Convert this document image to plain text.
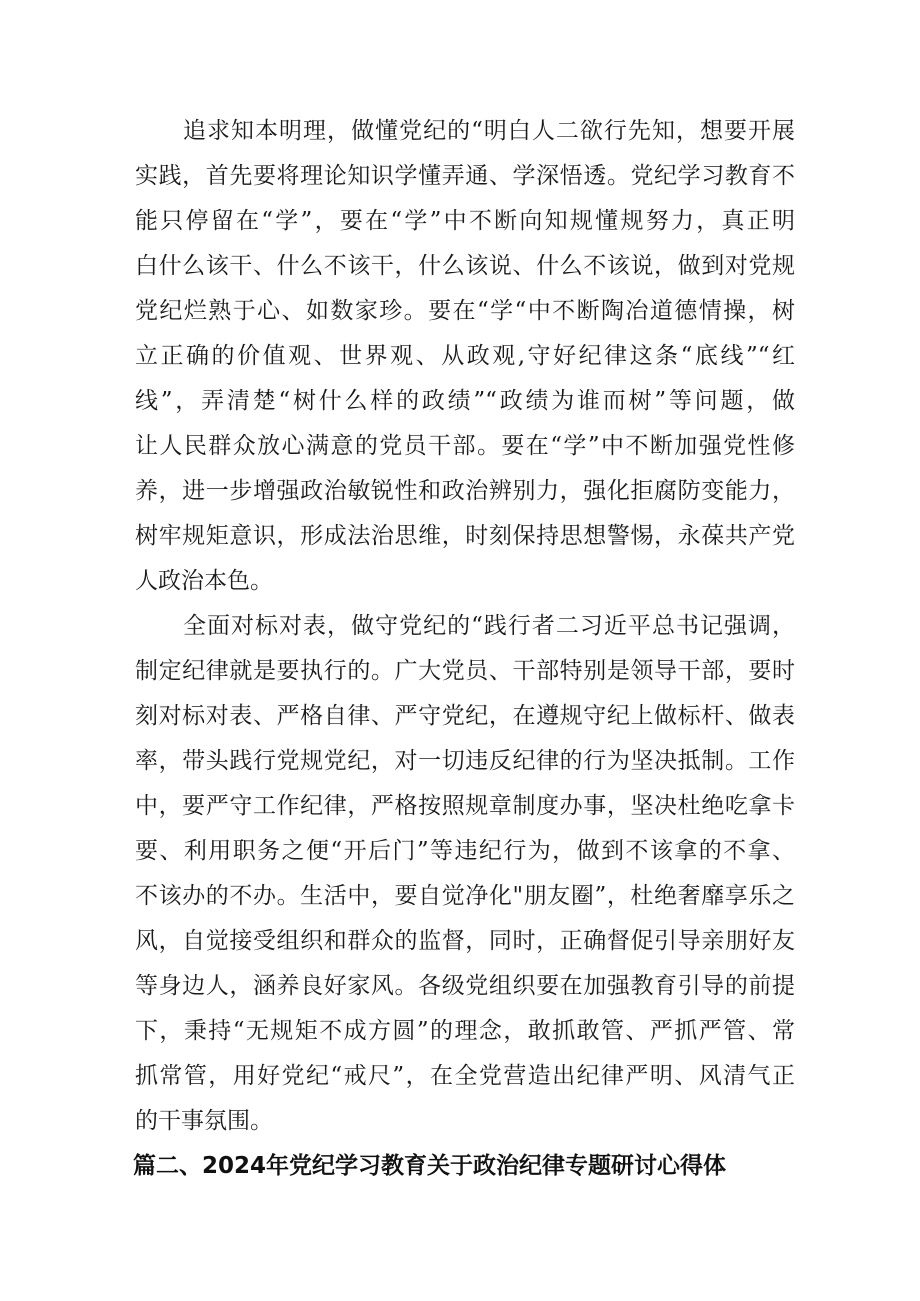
追求知本明理，做懂党纪的“明白人二欲行先知，想要开展
实践，首先要将理论知识学懂弄通、学深悟透。党纪学习教育不
能只停留在“学”，要在“学”中不断向知规懂规努力，真正明
白什么该干、什么不该干，什么该说、什么不该说，做到对党规
党纪烂熟于心、如数家珍。要在“学“中不断陶冶道德情操，树
立正确的价值观、世界观、从政观,守好纪律这条“底线”“红
线”，弄清楚“树什么样的政绩”“政绩为谁而树”等问题，做
让人民群众放心满意的党员干部。要在“学”中不断加强党性修
养，进一步增强政治敏锐性和政治辨别力，强化拒腐防变能力，
树牢规矩意识，形成法治思维，时刻保持思想警惕，永葆共产党
人政治本色。
全面对标对表，做守党纪的“践行者二习近平总书记强调，
制定纪律就是要执行的。广大党员、干部特别是领导干部，要时
刻对标对表、严格自律、严守党纪，在遵规守纪上做标杆、做表
率，带头践行党规党纪，对一切违反纪律的行为坚决抵制。工作
中，要严守工作纪律，严格按照规章制度办事，坚决杜绝吃拿卡
要、利用职务之便“开后门”等违纪行为，做到不该拿的不拿、
不该办的不办。生活中，要自觉净化"朋友圈”，杜绝奢靡享乐之
风，自觉接受组织和群众的监督，同时，正确督促引导亲朋好友
等身边人，涵养良好家风。各级党组织要在加强教育引导的前提
下，秉持“无规矩不成方圆”的理念，敢抓敢管、严抓严管、常
抓常管，用好党纪“戒尺”，在全党营造出纪律严明、风清气正
的干事氛围。
篇二、2024年党纪学习教育关于政治纪律专题研讨心得体
